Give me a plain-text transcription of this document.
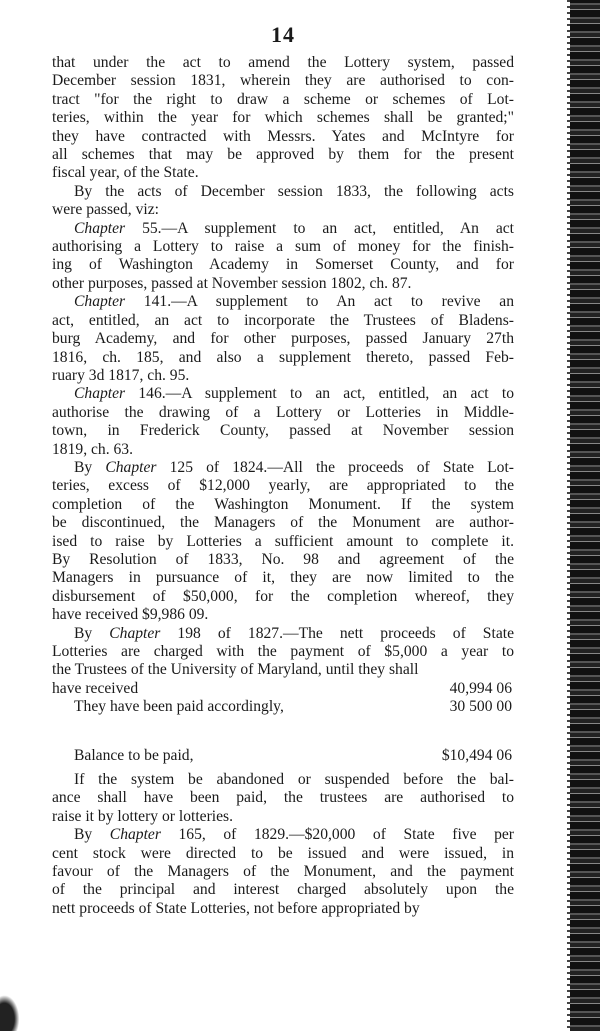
14
that under the act to amend the Lottery system, passed
December session 1831, wherein they are authorised to con-
tract "for the right to draw a scheme or schemes of Lot-
teries, within the year for which schemes shall be granted;"
they have contracted with Messrs. Yates and McIntyre for
all schemes that may be approved by them for the present
fiscal year, of the State.
By the acts of December session 1833, the following acts
were passed, viz:
Chapter 55.—A supplement to an act, entitled, An act
authorising a Lottery to raise a sum of money for the finish-
ing of Washington Academy in Somerset County, and for
other purposes, passed at November session 1802, ch. 87.
Chapter 141.—A supplement to An act to revive an
act, entitled, an act to incorporate the Trustees of Bladens-
burg Academy, and for other purposes, passed January 27th
1816, ch. 185, and also a supplement thereto, passed Feb-
ruary 3d 1817, ch. 95.
Chapter 146.—A supplement to an act, entitled, an act to
authorise the drawing of a Lottery or Lotteries in Middle-
town, in Frederick County, passed at November session
1819, ch. 63.
By Chapter 125 of 1824.—All the proceeds of State Lot-
teries, excess of $12,000 yearly, are appropriated to the
completion of the Washington Monument. If the system
be discontinued, the Managers of the Monument are author-
ised to raise by Lotteries a sufficient amount to complete it.
By Resolution of 1833, No. 98 and agreement of the
Managers in pursuance of it, they are now limited to the
disbursement of $50,000, for the completion whereof, they
have received $9,986 09.
By Chapter 198 of 1827.—The nett proceeds of State
Lotteries are charged with the payment of $5,000 a year to
the Trustees of the University of Maryland, until they shall
have received	40,994 06
They have been paid accordingly,	30 500 00
Balance to be paid,	$10,494 06
If the system be abandoned or suspended before the bal-
ance shall have been paid, the trustees are authorised to
raise it by lottery or lotteries.
By Chapter 165, of 1829.—$20,000 of State five per
cent stock were directed to be issued and were issued, in
favour of the Managers of the Monument, and the payment
of the principal and interest charged absolutely upon the
nett proceeds of State Lotteries, not before appropriated by
